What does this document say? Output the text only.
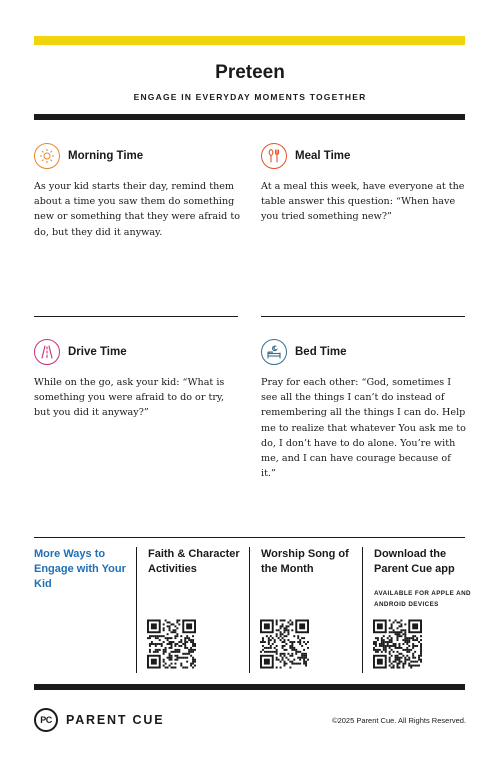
Preteen
ENGAGE IN EVERYDAY MOMENTS TOGETHER
Morning Time

As your kid starts their day, remind them about a time you saw them do something new or something that they were afraid to do, but they did it anyway.

Meal Time

At a meal this week, have everyone at the table answer this question: “When have you tried something new?”

Drive Time

While on the go, ask your kid: “What is something you were afraid to do or try, but you did it anyway?”

Bed Time

Pray for each other: “God, sometimes I see all the things I can’t do instead of remembering all the things I can do. Help me to realize that whatever You ask me to do, I don’t have to do alone. You’re with me, and I can have courage because of it.”

More Ways to Engage with Your Kid
Faith & Character Activities
Worship Song of the Month
Download the Parent Cue app
AVAILABLE FOR APPLE AND ANDROID DEVICES
PC	PARENT CUE	©2025 Parent Cue. All Rights Reserved.
